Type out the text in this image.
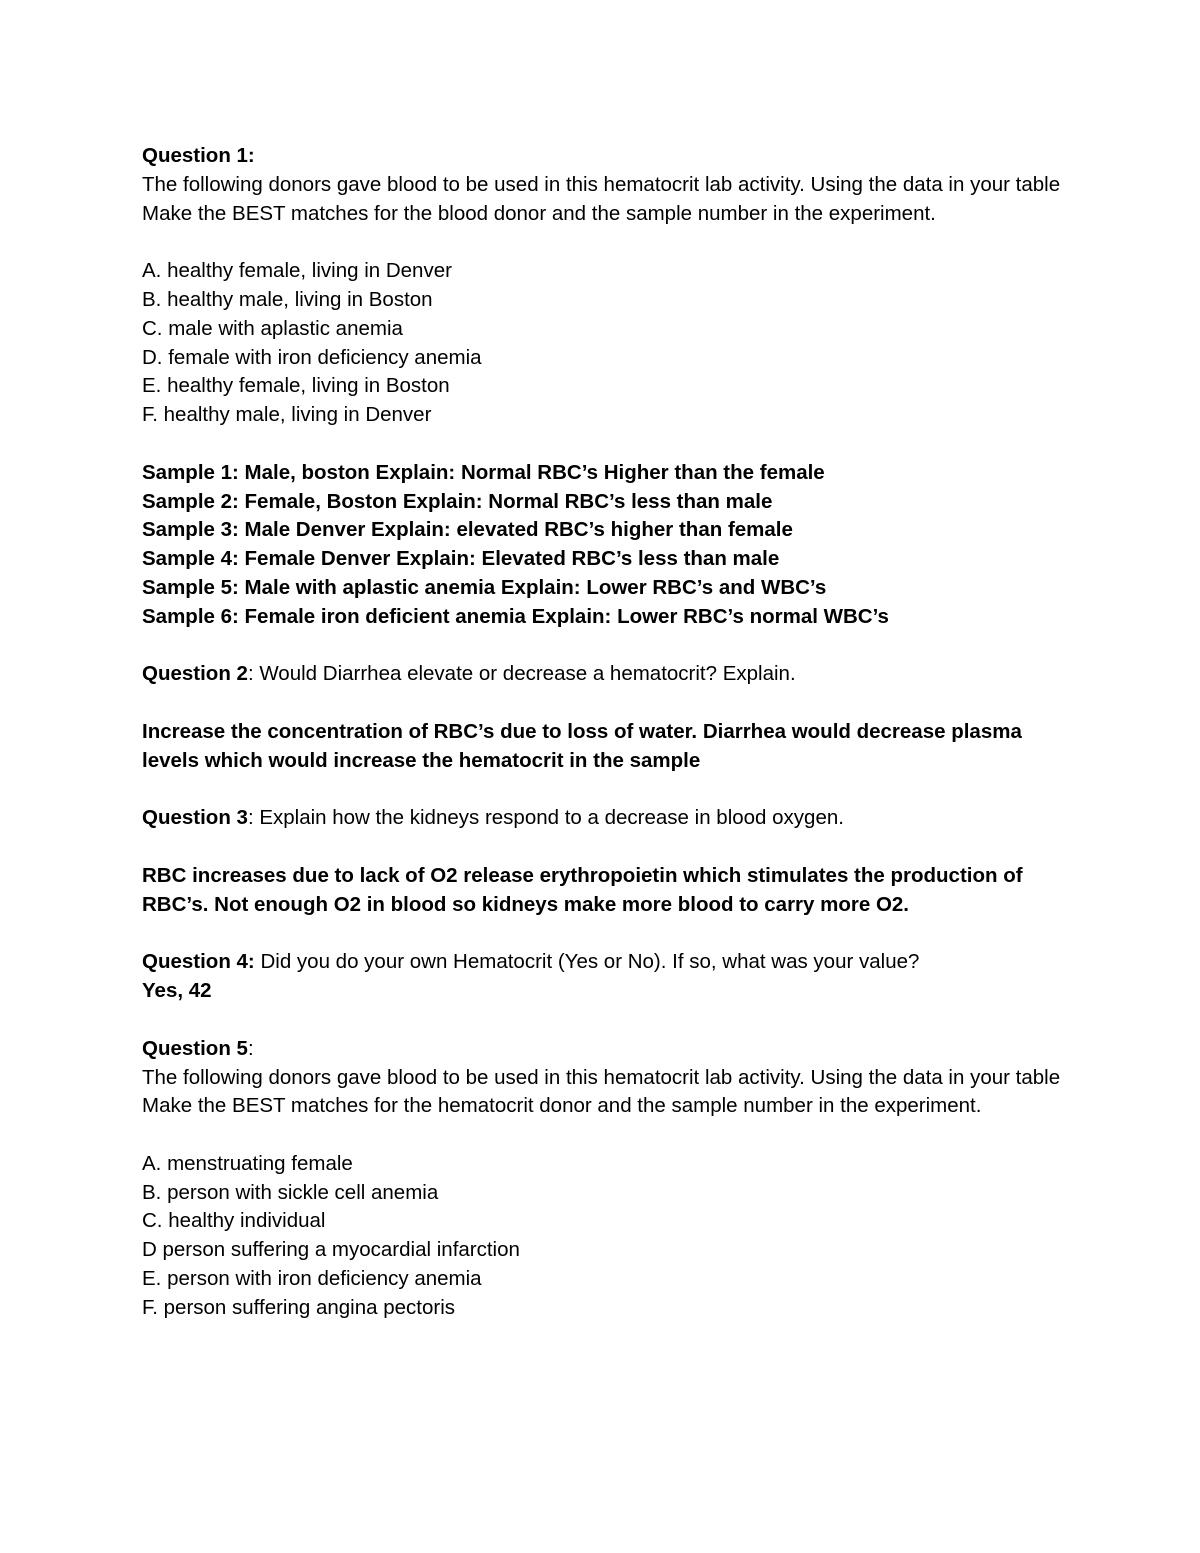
Question 1:
The following donors gave blood to be used in this hematocrit lab activity. Using the data in your table
Make the BEST matches for the blood donor and the sample number in the experiment.
A. healthy female, living in Denver
B. healthy male, living in Boston
C. male with aplastic anemia
D. female with iron deficiency anemia
E. healthy female, living in Boston
F. healthy male, living in Denver
Sample 1: Male, boston Explain: Normal RBC’s Higher than the female
Sample 2: Female, Boston Explain: Normal RBC’s less than male
Sample 3: Male Denver Explain: elevated RBC’s higher than female
Sample 4: Female Denver Explain: Elevated RBC’s less than male
Sample 5: Male with aplastic anemia Explain: Lower RBC’s and WBC’s
Sample 6: Female iron deficient anemia Explain: Lower RBC’s normal WBC’s
Question 2: Would Diarrhea elevate or decrease a hematocrit? Explain.
Increase the concentration of RBC’s due to loss of water. Diarrhea would decrease plasma
levels which would increase the hematocrit in the sample
Question 3: Explain how the kidneys respond to a decrease in blood oxygen.
RBC increases due to lack of O2 release erythropoietin which stimulates the production of
RBC’s. Not enough O2 in blood so kidneys make more blood to carry more O2.
Question 4: Did you do your own Hematocrit (Yes or No). If so, what was your value?
Yes, 42
Question 5:
The following donors gave blood to be used in this hematocrit lab activity. Using the data in your table
Make the BEST matches for the hematocrit donor and the sample number in the experiment.
A. menstruating female
B. person with sickle cell anemia
C. healthy individual
D person suffering a myocardial infarction
E. person with iron deficiency anemia
F. person suffering angina pectoris
